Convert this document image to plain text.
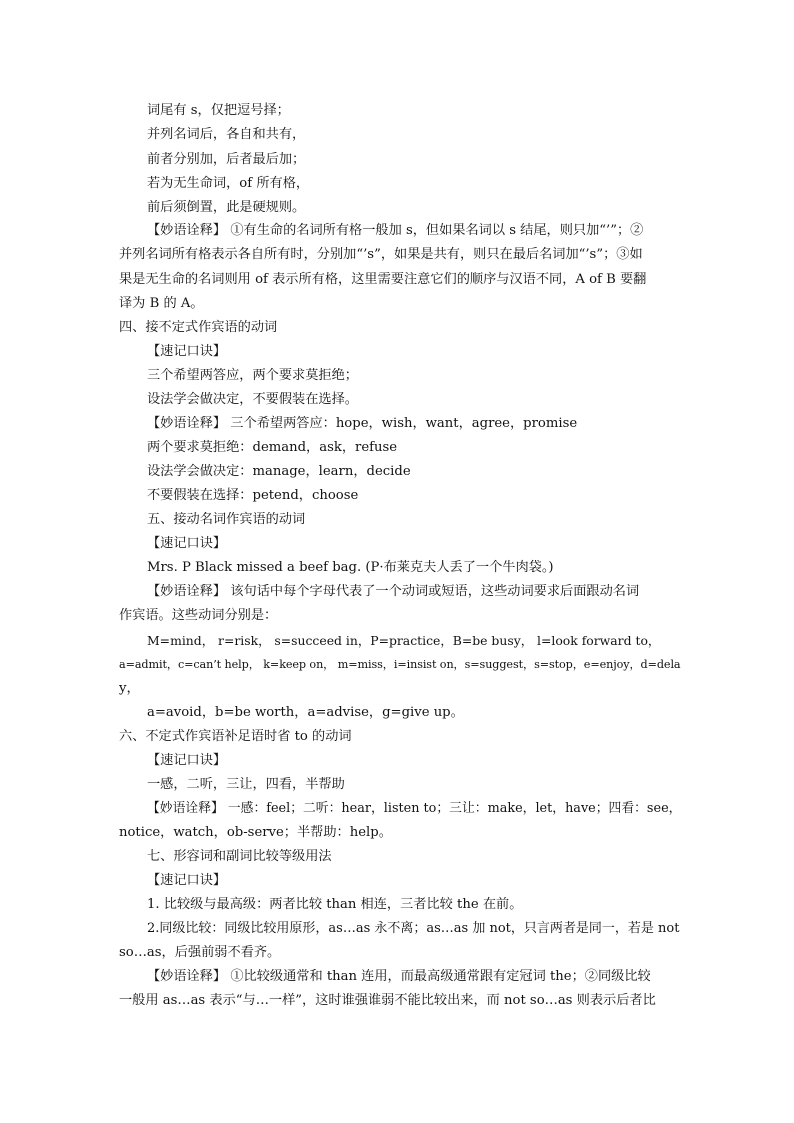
词尾有 s，仅把逗号择；
并列名词后，各自和共有，
前者分别加，后者最后加；
若为无生命词，of 所有格，
前后须倒置，此是硬规则。
【妙语诠释】 ①有生命的名词所有格一般加 s，但如果名词以 s 结尾，则只加“’”；②
并列名词所有格表示各自所有时，分别加“’s”，如果是共有，则只在最后名词加“’s”；③如
果是无生命的名词则用 of 表示所有格，这里需要注意它们的顺序与汉语不同，A of B 要翻
译为 B 的 A。
四、接不定式作宾语的动词
【速记口诀】
三个希望两答应，两个要求莫拒绝；
设法学会做决定，不要假装在选择。
【妙语诠释】 三个希望两答应：hope，wish，want，agree，promise
两个要求莫拒绝：demand，ask，refuse
设法学会做决定：manage，learn，decide
不要假装在选择：petend，choose
五、接动名词作宾语的动词
【速记口诀】
Mrs. P Black missed a beef bag. (P·布莱克夫人丢了一个牛肉袋。)
【妙语诠释】 该句话中每个字母代表了一个动词或短语，这些动词要求后面跟动名词
作宾语。这些动词分别是：
M=mind， r=risk， s=succeed in，P=practice，B=be busy， l=look forward to，
a=admit，c=can’t help， k=keep on， m=miss，i=insist on，s=suggest，s=stop，e=enjoy，d=dela
y，
a=avoid，b=be worth，a=advise，g=give up。
六、不定式作宾语补足语时省 to 的动词
【速记口诀】
一感，二听，三让，四看，半帮助
【妙语诠释】 一感：feel；二听：hear，listen to；三让：make，let，have；四看：see，
notice，watch，ob-serve；半帮助：help。
七、形容词和副词比较等级用法
【速记口诀】
1. 比较级与最高级：两者比较 than 相连，三者比较 the 在前。
2.同级比较：同级比较用原形，as…as 永不离；as…as 加 not，只言两者是同一，若是 not
so…as，后强前弱不看齐。
【妙语诠释】 ①比较级通常和 than 连用，而最高级通常跟有定冠词 the；②同级比较
一般用 as…as 表示“与…一样”，这时谁强谁弱不能比较出来，而 not so…as 则表示后者比
